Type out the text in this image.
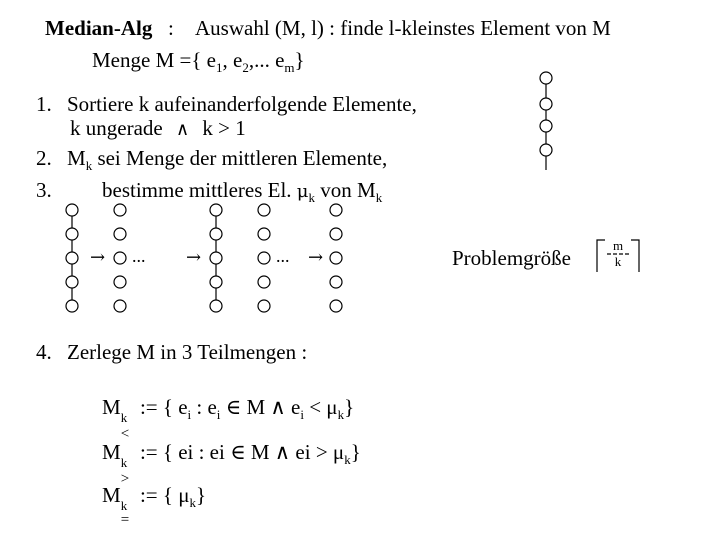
Median-Alg : Auswahl (M, l) : finde l-kleinstes Element von M
Menge M ={ $e_1$, $e_2$,... $e_m$}
1. Sortiere k aufeinanderfolgende Elemente,
k ungerade ∧ k > 1
2. $M_k$ sei Menge der mittleren Elemente,
3. bestimme mittleres El. $\mu_k$ von $M_k$
→ ... →	... →	Problemgröße
m
k
4. Zerlege M in 3 Teilmengen :
M k
<
:= { $e_i$ : $e_i$ ∈ M ∧ $e_i < \mu_k$}
M k
>
:= { ei : ei ∈ M ∧ ei > $\mu_k$}
M k
=
:= { $\mu_k$}
